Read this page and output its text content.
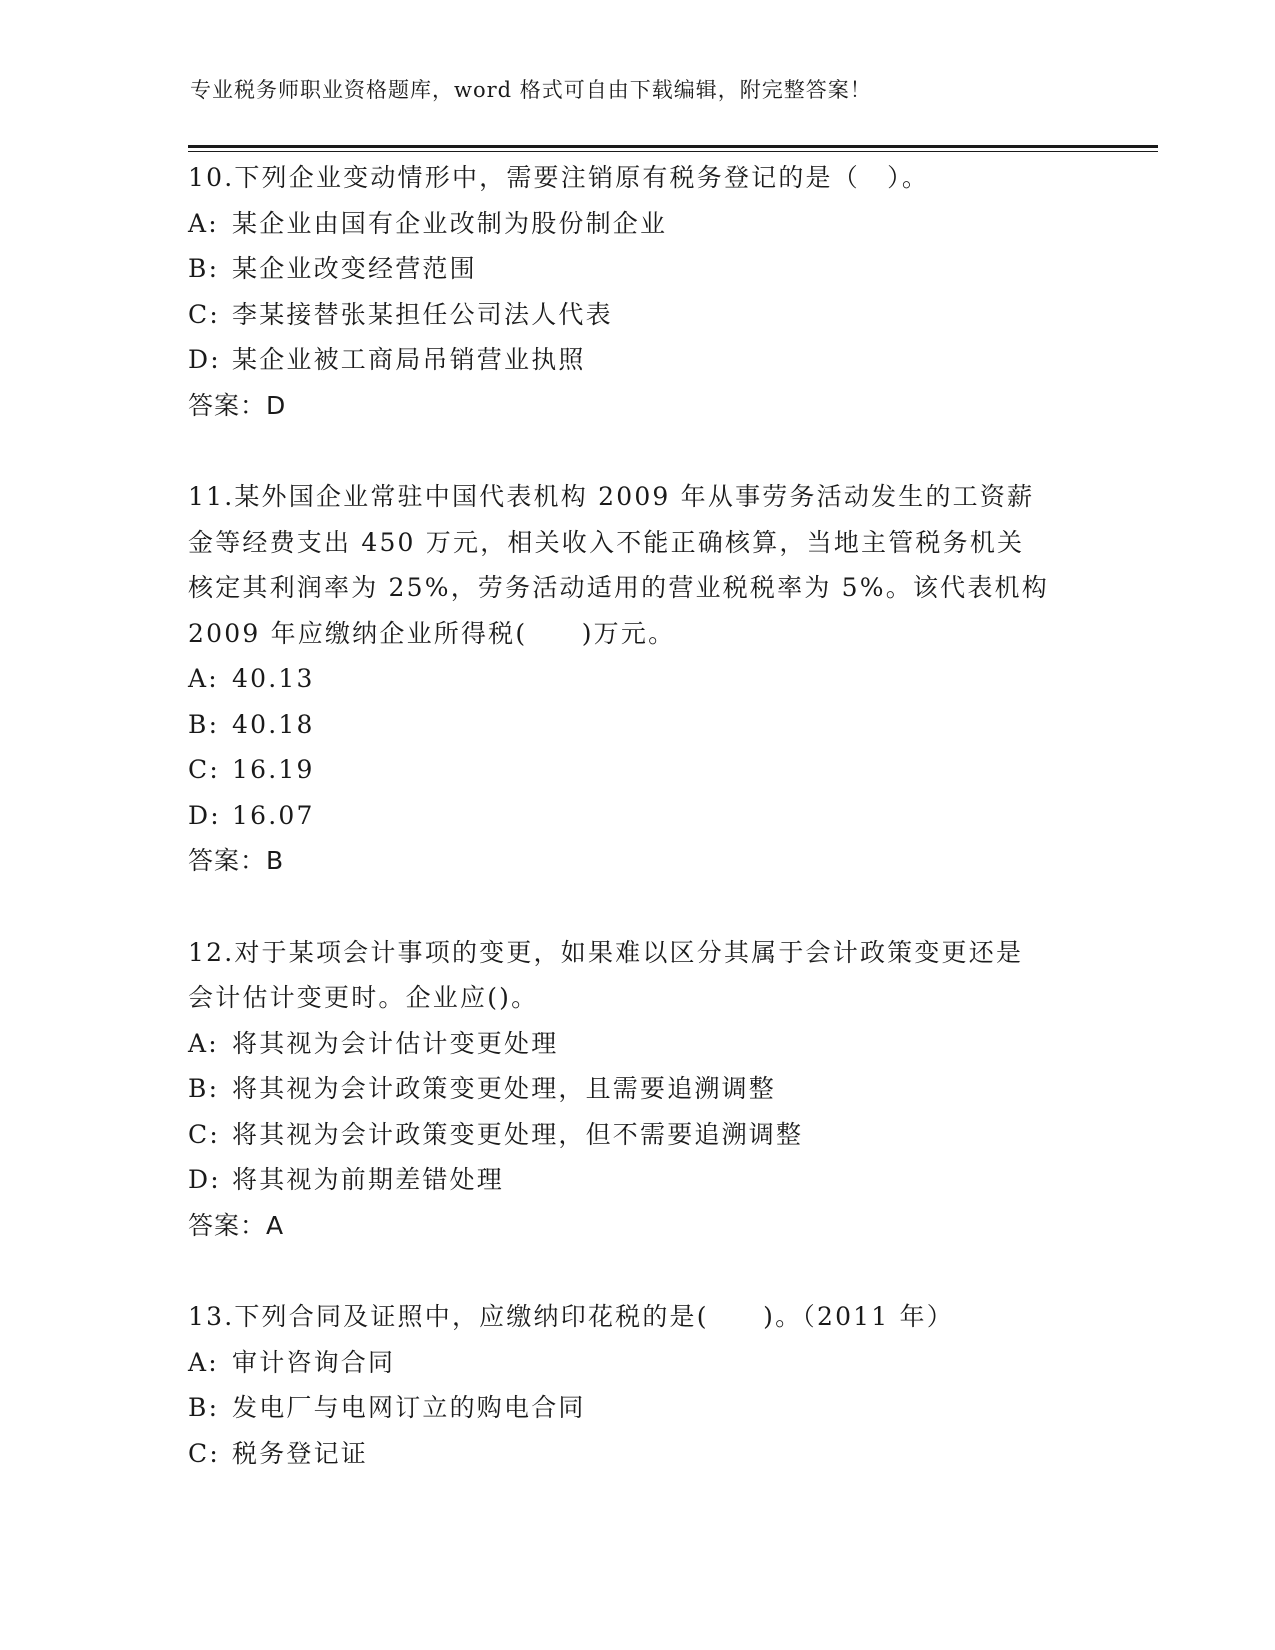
专业税务师职业资格题库，word 格式可自由下载编辑，附完整答案！
10.下列企业变动情形中，需要注销原有税务登记的是（　）。
A: 某企业由国有企业改制为股份制企业
B: 某企业改变经营范围
C: 李某接替张某担任公司法人代表
D: 某企业被工商局吊销营业执照
答案：D
11.某外国企业常驻中国代表机构 2009 年从事劳务活动发生的工资薪
金等经费支出 450 万元，相关收入不能正确核算，当地主管税务机关
核定其利润率为 25%，劳务活动适用的营业税税率为 5%。该代表机构
2009 年应缴纳企业所得税(　　)万元。
A: 40.13
B: 40.18
C: 16.19
D: 16.07
答案：B
12.对于某项会计事项的变更，如果难以区分其属于会计政策变更还是
会计估计变更时。企业应()。
A: 将其视为会计估计变更处理
B: 将其视为会计政策变更处理，且需要追溯调整
C: 将其视为会计政策变更处理，但不需要追溯调整
D: 将其视为前期差错处理
答案：A
13.下列合同及证照中，应缴纳印花税的是(　　)。（2011 年）
A: 审计咨询合同
B: 发电厂与电网订立的购电合同
C: 税务登记证
